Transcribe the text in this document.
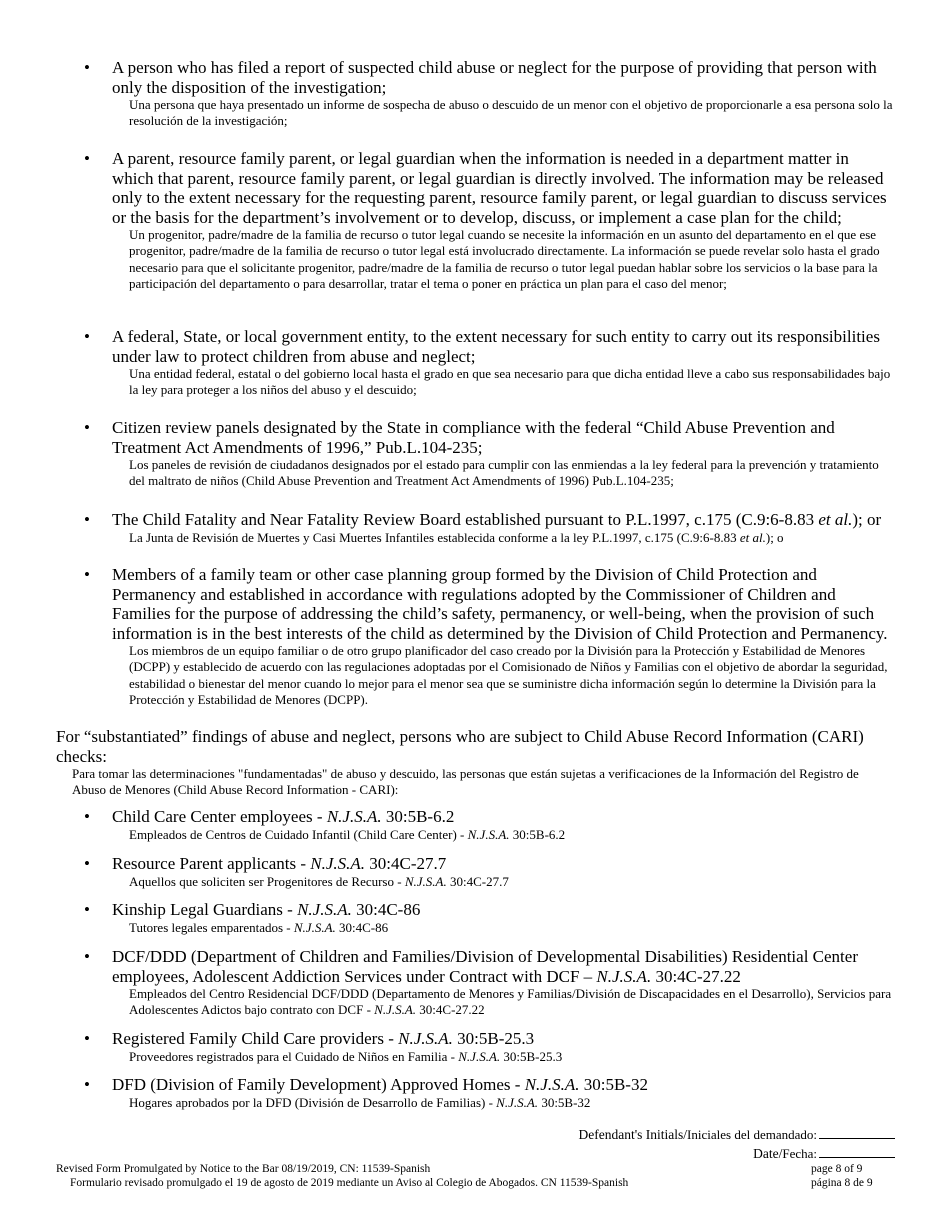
• A person who has filed a report of suspected child abuse or neglect for the purpose of providing that person with only the disposition of the investigation;

Una persona que haya presentado un informe de sospecha de abuso o descuido de un menor con el objetivo de proporcionarle a esa persona solo la resolución de la investigación;

• A parent, resource family parent, or legal guardian when the information is needed in a department matter in which that parent, resource family parent, or legal guardian is directly involved. The information may be released only to the extent necessary for the requesting parent, resource family parent, or legal guardian to discuss services or the basis for the department’s involvement or to develop, discuss, or implement a case plan for the child;

Un progenitor, padre/madre de la familia de recurso o tutor legal cuando se necesite la información en un asunto del departamento en el que ese progenitor, padre/madre de la familia de recurso o tutor legal está involucrado directamente. La información se puede revelar solo hasta el grado necesario para que el solicitante progenitor, padre/madre de la familia de recurso o tutor legal puedan hablar sobre los servicios o la base para la participación del departamento o para desarrollar, tratar el tema o poner en práctica un plan para el caso del menor;

• A federal, State, or local government entity, to the extent necessary for such entity to carry out its responsibilities under law to protect children from abuse and neglect;

Una entidad federal, estatal o del gobierno local hasta el grado en que sea necesario para que dicha entidad lleve a cabo sus responsabilidades bajo la ley para proteger a los niños del abuso y el descuido;

• Citizen review panels designated by the State in compliance with the federal “Child Abuse Prevention and Treatment Act Amendments of 1996,” Pub.L.104-235;

Los paneles de revisión de ciudadanos designados por el estado para cumplir con las enmiendas a la ley federal para la prevención y tratamiento del maltrato de niños (Child Abuse Prevention and Treatment Act Amendments of 1996) Pub.L.104-235;

• The Child Fatality and Near Fatality Review Board established pursuant to P.L.1997, c.175 (C.9:6-8.83 et al.); or

La Junta de Revisión de Muertes y Casi Muertes Infantiles establecida conforme a la ley P.L.1997, c.175 (C.9:6-8.83 et al.); o

• Members of a family team or other case planning group formed by the Division of Child Protection and Permanency and established in accordance with regulations adopted by the Commissioner of Children and Families for the purpose of addressing the child’s safety, permanency, or well-being, when the provision of such information is in the best interests of the child as determined by the Division of Child Protection and Permanency.

Los miembros de un equipo familiar o de otro grupo planificador del caso creado por la División para la Protección y Estabilidad de Menores (DCPP) y establecido de acuerdo con las regulaciones adoptadas por el Comisionado de Niños y Familias con el objetivo de abordar la seguridad, estabilidad o bienestar del menor cuando lo mejor para el menor sea que se suministre dicha información según lo determine la División para la Protección y Estabilidad de Menores (DCPP).

For “substantiated” findings of abuse and neglect, persons who are subject to Child Abuse Record Information (CARI) checks:

Para tomar las determinaciones "fundamentadas" de abuso y descuido, las personas que están sujetas a verificaciones de la Información del Registro de Abuso de Menores (Child Abuse Record Information - CARI):

• Child Care Center employees - N.J.S.A. 30:5B-6.2

Empleados de Centros de Cuidado Infantil (Child Care Center) - N.J.S.A. 30:5B-6.2

• Resource Parent applicants - N.J.S.A. 30:4C-27.7

Aquellos que soliciten ser Progenitores de Recurso - N.J.S.A. 30:4C-27.7

• Kinship Legal Guardians - N.J.S.A. 30:4C-86

Tutores legales emparentados - N.J.S.A. 30:4C-86

• DCF/DDD (Department of Children and Families/Division of Developmental Disabilities) Residential Center employees, Adolescent Addiction Services under Contract with DCF – N.J.S.A. 30:4C-27.22

Empleados del Centro Residencial DCF/DDD (Departamento de Menores y Familias/División de Discapacidades en el Desarrollo), Servicios para Adolescentes Adictos bajo contrato con DCF - N.J.S.A. 30:4C-27.22

• Registered Family Child Care providers - N.J.S.A. 30:5B-25.3

Proveedores registrados para el Cuidado de Niños en Familia - N.J.S.A. 30:5B-25.3

• DFD (Division of Family Development) Approved Homes - N.J.S.A. 30:5B-32

Hogares aprobados por la DFD (División de Desarrollo de Familias) - N.J.S.A. 30:5B-32

Defendant's Initials/Iniciales del demandado:
Date/Fecha:
Revised Form Promulgated by Notice to the Bar 08/19/2019, CN: 11539-Spanish
Formulario revisado promulgado el 19 de agosto de 2019 mediante un Aviso al Colegio de Abogados. CN 11539-Spanish
page 8 of 9
página 8 de 9
